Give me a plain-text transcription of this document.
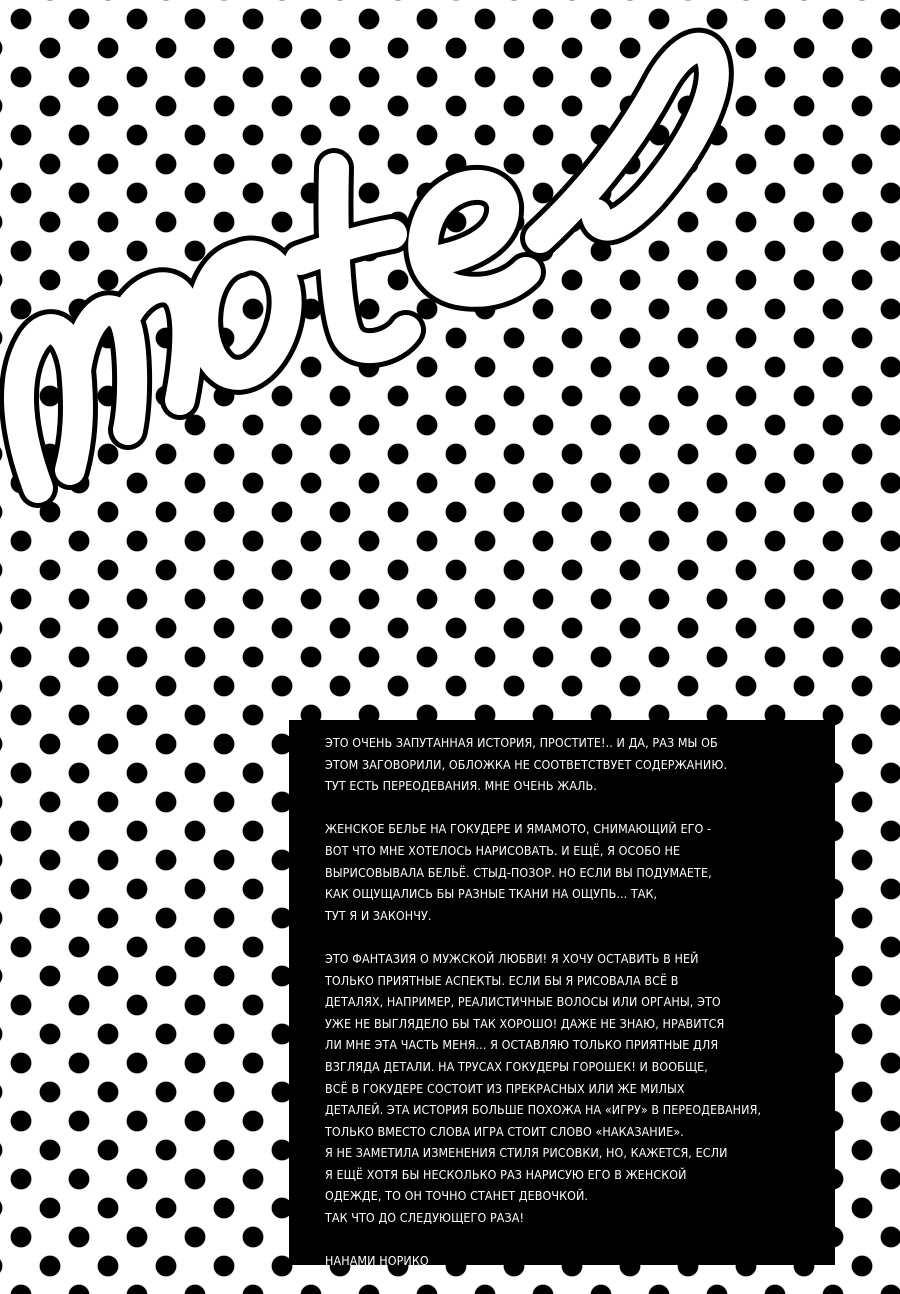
ЭТО ОЧЕНЬ ЗАПУТАННАЯ ИСТОРИЯ, ПРОСТИТЕ!.. И ДА, РАЗ МЫ ОБ
ЭТОМ ЗАГОВОРИЛИ, ОБЛОЖКА НЕ СООТВЕТСТВУЕТ СОДЕРЖАНИЮ.
ТУТ ЕСТЬ ПЕРЕОДЕВАНИЯ. МНЕ ОЧЕНЬ ЖАЛЬ.
ЖЕНСКОЕ БЕЛЬЕ НА ГОКУДЕРЕ И ЯМАМОТО, СНИМАЮЩИЙ ЕГО -
ВОТ ЧТО МНЕ ХОТЕЛОСЬ НАРИСОВАТЬ. И ЕЩЁ, Я ОСОБО НЕ
ВЫРИСОВЫВАЛА БЕЛЬЁ. СТЫД-ПОЗОР. НО ЕСЛИ ВЫ ПОДУМАЕТЕ,
КАК ОЩУЩАЛИСЬ БЫ РАЗНЫЕ ТКАНИ НА ОЩУПЬ... ТАК,
ТУТ Я И ЗАКОНЧУ.
ЭТО ФАНТАЗИЯ О МУЖСКОЙ ЛЮБВИ! Я ХОЧУ ОСТАВИТЬ В НЕЙ
ТОЛЬКО ПРИЯТНЫЕ АСПЕКТЫ. ЕСЛИ БЫ Я РИСОВАЛА ВСЁ В
ДЕТАЛЯХ, НАПРИМЕР, РЕАЛИСТИЧНЫЕ ВОЛОСЫ ИЛИ ОРГАНЫ, ЭТО
УЖЕ НЕ ВЫГЛЯДЕЛО БЫ ТАК ХОРОШО! ДАЖЕ НЕ ЗНАЮ, НРАВИТСЯ
ЛИ МНЕ ЭТА ЧАСТЬ МЕНЯ... Я ОСТАВЛЯЮ ТОЛЬКО ПРИЯТНЫЕ ДЛЯ
ВЗГЛЯДА ДЕТАЛИ. НА ТРУСАХ ГОКУДЕРЫ ГОРОШЕК! И ВООБЩЕ,
ВСЁ В ГОКУДЕРЕ СОСТОИТ ИЗ ПРЕКРАСНЫХ ИЛИ ЖЕ МИЛЫХ
ДЕТАЛЕЙ. ЭТА ИСТОРИЯ БОЛЬШЕ ПОХОЖА НА «ИГРУ» В ПЕРЕОДЕВАНИЯ,
ТОЛЬКО ВМЕСТО СЛОВА ИГРА СТОИТ СЛОВО «НАКАЗАНИЕ».
Я НЕ ЗАМЕТИЛА ИЗМЕНЕНИЯ СТИЛЯ РИСОВКИ, НО, КАЖЕТСЯ, ЕСЛИ
Я ЕЩЁ ХОТЯ БЫ НЕСКОЛЬКО РАЗ НАРИСУЮ ЕГО В ЖЕНСКОЙ
ОДЕЖДЕ, ТО ОН ТОЧНО СТАНЕТ ДЕВОЧКОЙ.
ТАК ЧТО ДО СЛЕДУЮЩЕГО РАЗА!
НАНАМИ НОРИКО
